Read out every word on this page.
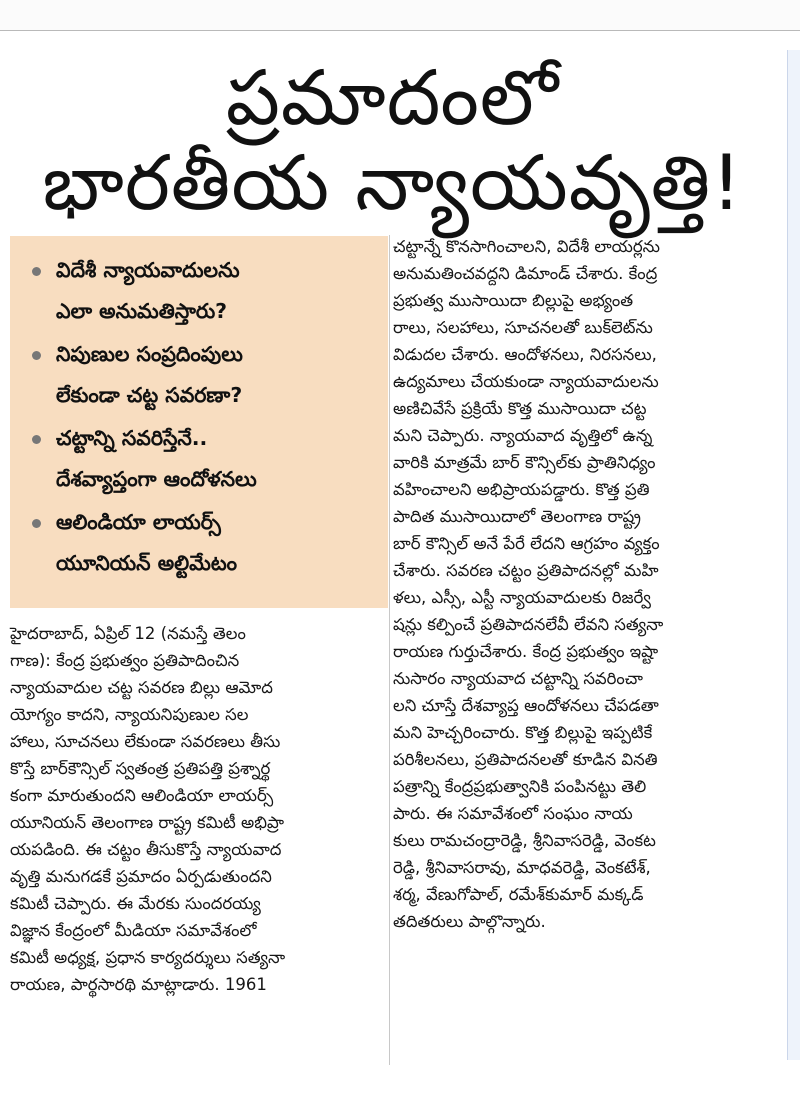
ప్రమాదంలో
భారతీయ న్యాయవృత్తి!
విదేశీ న్యాయవాదులను
ఎలా అనుమతిస్తారు?
నిపుణుల సంప్రదింపులు
లేకుండా చట్ట సవరణా?
చట్టాన్ని సవరిస్తేనే..
దేశవ్యాప్తంగా ఆందోళనలు
ఆలిండియా లాయర్స్
యూనియన్ అల్టిమేటం
హైదరాబాద్, ఏప్రిల్ 12 (నమస్తే తెలం
గాణ): కేంద్ర ప్రభుత్వం ప్రతిపాదించిన
న్యాయవాదుల చట్ట సవరణ బిల్లు ఆమోద
యోగ్యం కాదని, న్యాయనిపుణుల సల
హాలు, సూచనలు లేకుండా సవరణలు తీసు
కొస్తే బార్‌కౌన్సిల్ స్వతంత్ర ప్రతిపత్తి ప్రశ్నార్థ
కంగా మారుతుందని ఆలిండియా లాయర్స్
యూనియన్ తెలంగాణ రాష్ట్ర కమిటీ అభిప్రా
యపడింది. ఈ చట్టం తీసుకొస్తే న్యాయవాద
వృత్తి మనుగడకే ప్రమాదం ఏర్పడుతుందని
కమిటీ చెప్పారు. ఈ మేరకు సుందరయ్య
విజ్ఞాన కేంద్రంలో మీడియా సమావేశంలో
కమిటీ అధ్యక్ష, ప్రధాన కార్యదర్శులు సత్యనా
రాయణ, పార్థసారథి మాట్లాడారు. 1961
చట్టాన్నే కొనసాగించాలని, విదేశీ లాయర్లను
అనుమతించవద్దని డిమాండ్ చేశారు. కేంద్ర
ప్రభుత్వ ముసాయిదా బిల్లుపై అభ్యంత
రాలు, సలహాలు, సూచనలతో బుక్‌లెట్‌ను
విడుదల చేశారు. ఆందోళనలు, నిరసనలు,
ఉద్యమాలు చేయకుండా న్యాయవాదులను
అణిచివేసే ప్రక్రియే కొత్త ముసాయిదా చట్ట
మని చెప్పారు. న్యాయవాద వృత్తిలో ఉన్న
వారికి మాత్రమే బార్ కౌన్సిల్‌కు ప్రాతినిధ్యం
వహించాలని అభిప్రాయపడ్డారు. కొత్త ప్రతి
పాదిత ముసాయిదాలో తెలంగాణ రాష్ట్ర
బార్ కౌన్సిల్ అనే పేరే లేదని ఆగ్రహం వ్యక్తం
చేశారు. సవరణ చట్టం ప్రతిపాదనల్లో మహి
ళలు, ఎస్సీ, ఎస్టీ న్యాయవాదులకు రిజర్వే
షన్లు కల్పించే ప్రతిపాదనలేవీ లేవని సత్యనా
రాయణ గుర్తుచేశారు. కేంద్ర ప్రభుత్వం ఇష్టా
నుసారం న్యాయవాద చట్టాన్ని సవరించా
లని చూస్తే దేశవ్యాప్త ఆందోళనలు చేపడతా
మని హెచ్చరించారు. కొత్త బిల్లుపై ఇప్పటికే
పరిశీలనలు, ప్రతిపాదనలతో కూడిన వినతి
పత్రాన్ని కేంద్రప్రభుత్వానికి పంపినట్టు తెలి
పారు. ఈ సమావేశంలో సంఘం నాయ
కులు రామచంద్రారెడ్డి, శ్రీనివాసరెడ్డి, వెంకట
రెడ్డి, శ్రీనివాసరావు, మాధవరెడ్డి, వెంకటేశ్,
శర్మ, వేణుగోపాల్, రమేశ్‌కుమార్ మక్కడ్
తదితరులు పాల్గొన్నారు.
